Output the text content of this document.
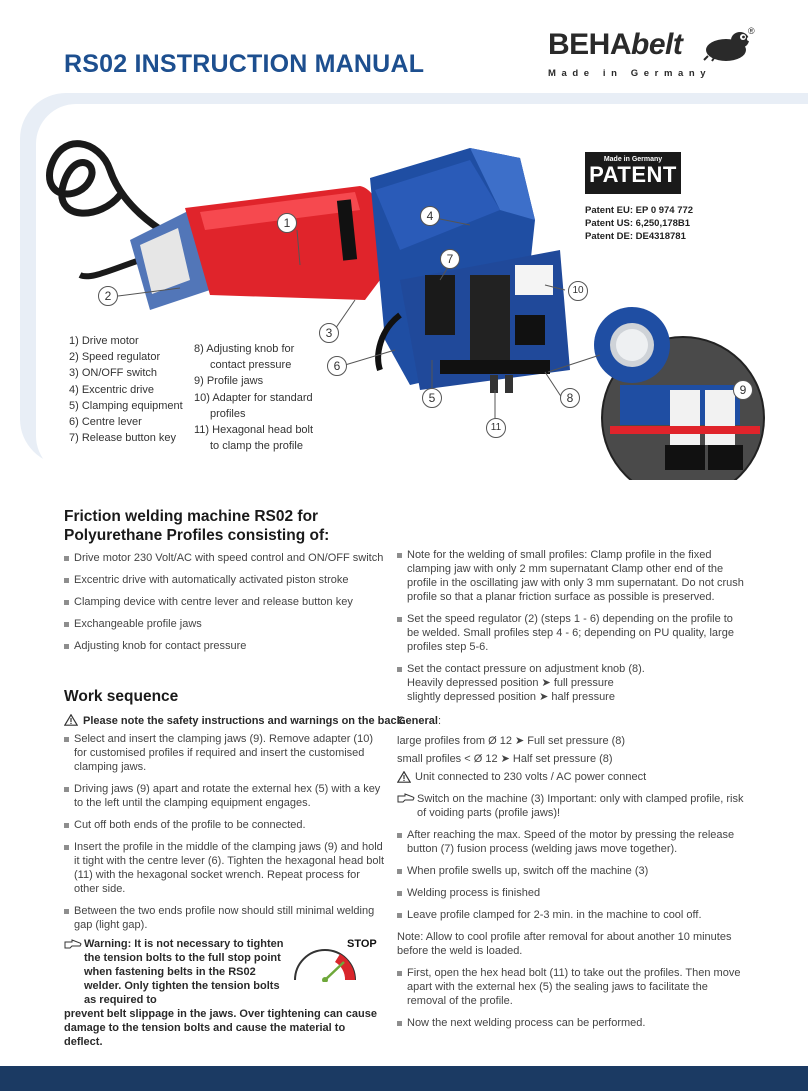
RS02 INSTRUCTION MANUAL
BEHAbelt	®
Made in Germany
1
2
3
4
5
6
7
8
9
10
11
Made in Germany
PATENT
Patent EU: EP 0 974 772
Patent US: 6,250,178B1
Patent DE: DE4318781
1) Drive motor
2) Speed regulator
3) ON/OFF switch
4) Excentric drive
5) Clamping equipment
6) Centre lever
7) Release button key
8) Adjusting knob for contact pressure
9) Profile jaws
10) Adapter for standard profiles
11) Hexagonal head bolt to clamp the profile
Friction welding machine RS02 for Polyurethane Profiles consisting of:
Drive motor 230 Volt/AC with speed control and ON/OFF switch
Excentric drive with automatically activated piston stroke
Clamping device with centre lever and release button key
Exchangeable profile jaws
Adjusting knob for contact pressure
Work sequence
Please note the safety instructions and warnings on the back.
Select and insert the clamping jaws (9). Remove adapter (10) for customised profiles if required and insert the customised clamping jaws.
Driving jaws (9) apart and rotate the external hex (5) with a key to the left until the clamping equipment engages.
Cut off both ends of the profile to be connected.
Insert the profile in the middle of the clamping jaws (9) and hold it tight with the centre lever (6). Tighten the hexagonal head bolt (11) with the hexagonal socket wrench. Repeat process for other side.
Between the two ends profile now should still minimal welding gap (light gap).
Warning: It is not necessary to tighten the tension bolts to the full stop point when fastening belts in the RS02 welder. Only tighten the tension bolts as required to
prevent belt slippage in the jaws. Over tightening can cause damage to the tension bolts and cause the material to deflect.
STOP
Note for the welding of small profiles: Clamp profile in the fixed clamping jaw with only 2 mm supernatant Clamp other end of the profile in the oscillating jaw with only 3 mm supernatant. Do not crush profile so that a planar friction surface as possible is preserved.
Set the speed regulator (2) (steps 1 - 6) depending on the profile to be welded. Small profiles step 4 - 6; depending on PU quality, large profiles step 5-6.
Set the contact pressure on adjustment knob (8).
Heavily depressed position ➤ full pressure
slightly depressed position ➤ half pressure
General:
large profiles from Ø 12 ➤ Full set pressure (8)
small profiles < Ø 12 ➤ Half set pressure (8)
Unit connected to 230 volts / AC power connect
Switch on the machine (3) Important: only with clamped profile, risk of voiding parts (profile jaws)!
After reaching the max. Speed of the motor by pressing the release button (7) fusion process (welding jaws move together).
When profile swells up, switch off the machine (3)
Welding process is finished
Leave profile clamped for 2-3 min. in the machine to cool off.
Note: Allow to cool profile after removal for about another 10 minutes before the weld is loaded.
First, open the hex head bolt (11) to take out the profiles. Then move apart with the external hex (5) the sealing jaws to facilitate the removal of the profile.
Now the next welding process can be performed.
